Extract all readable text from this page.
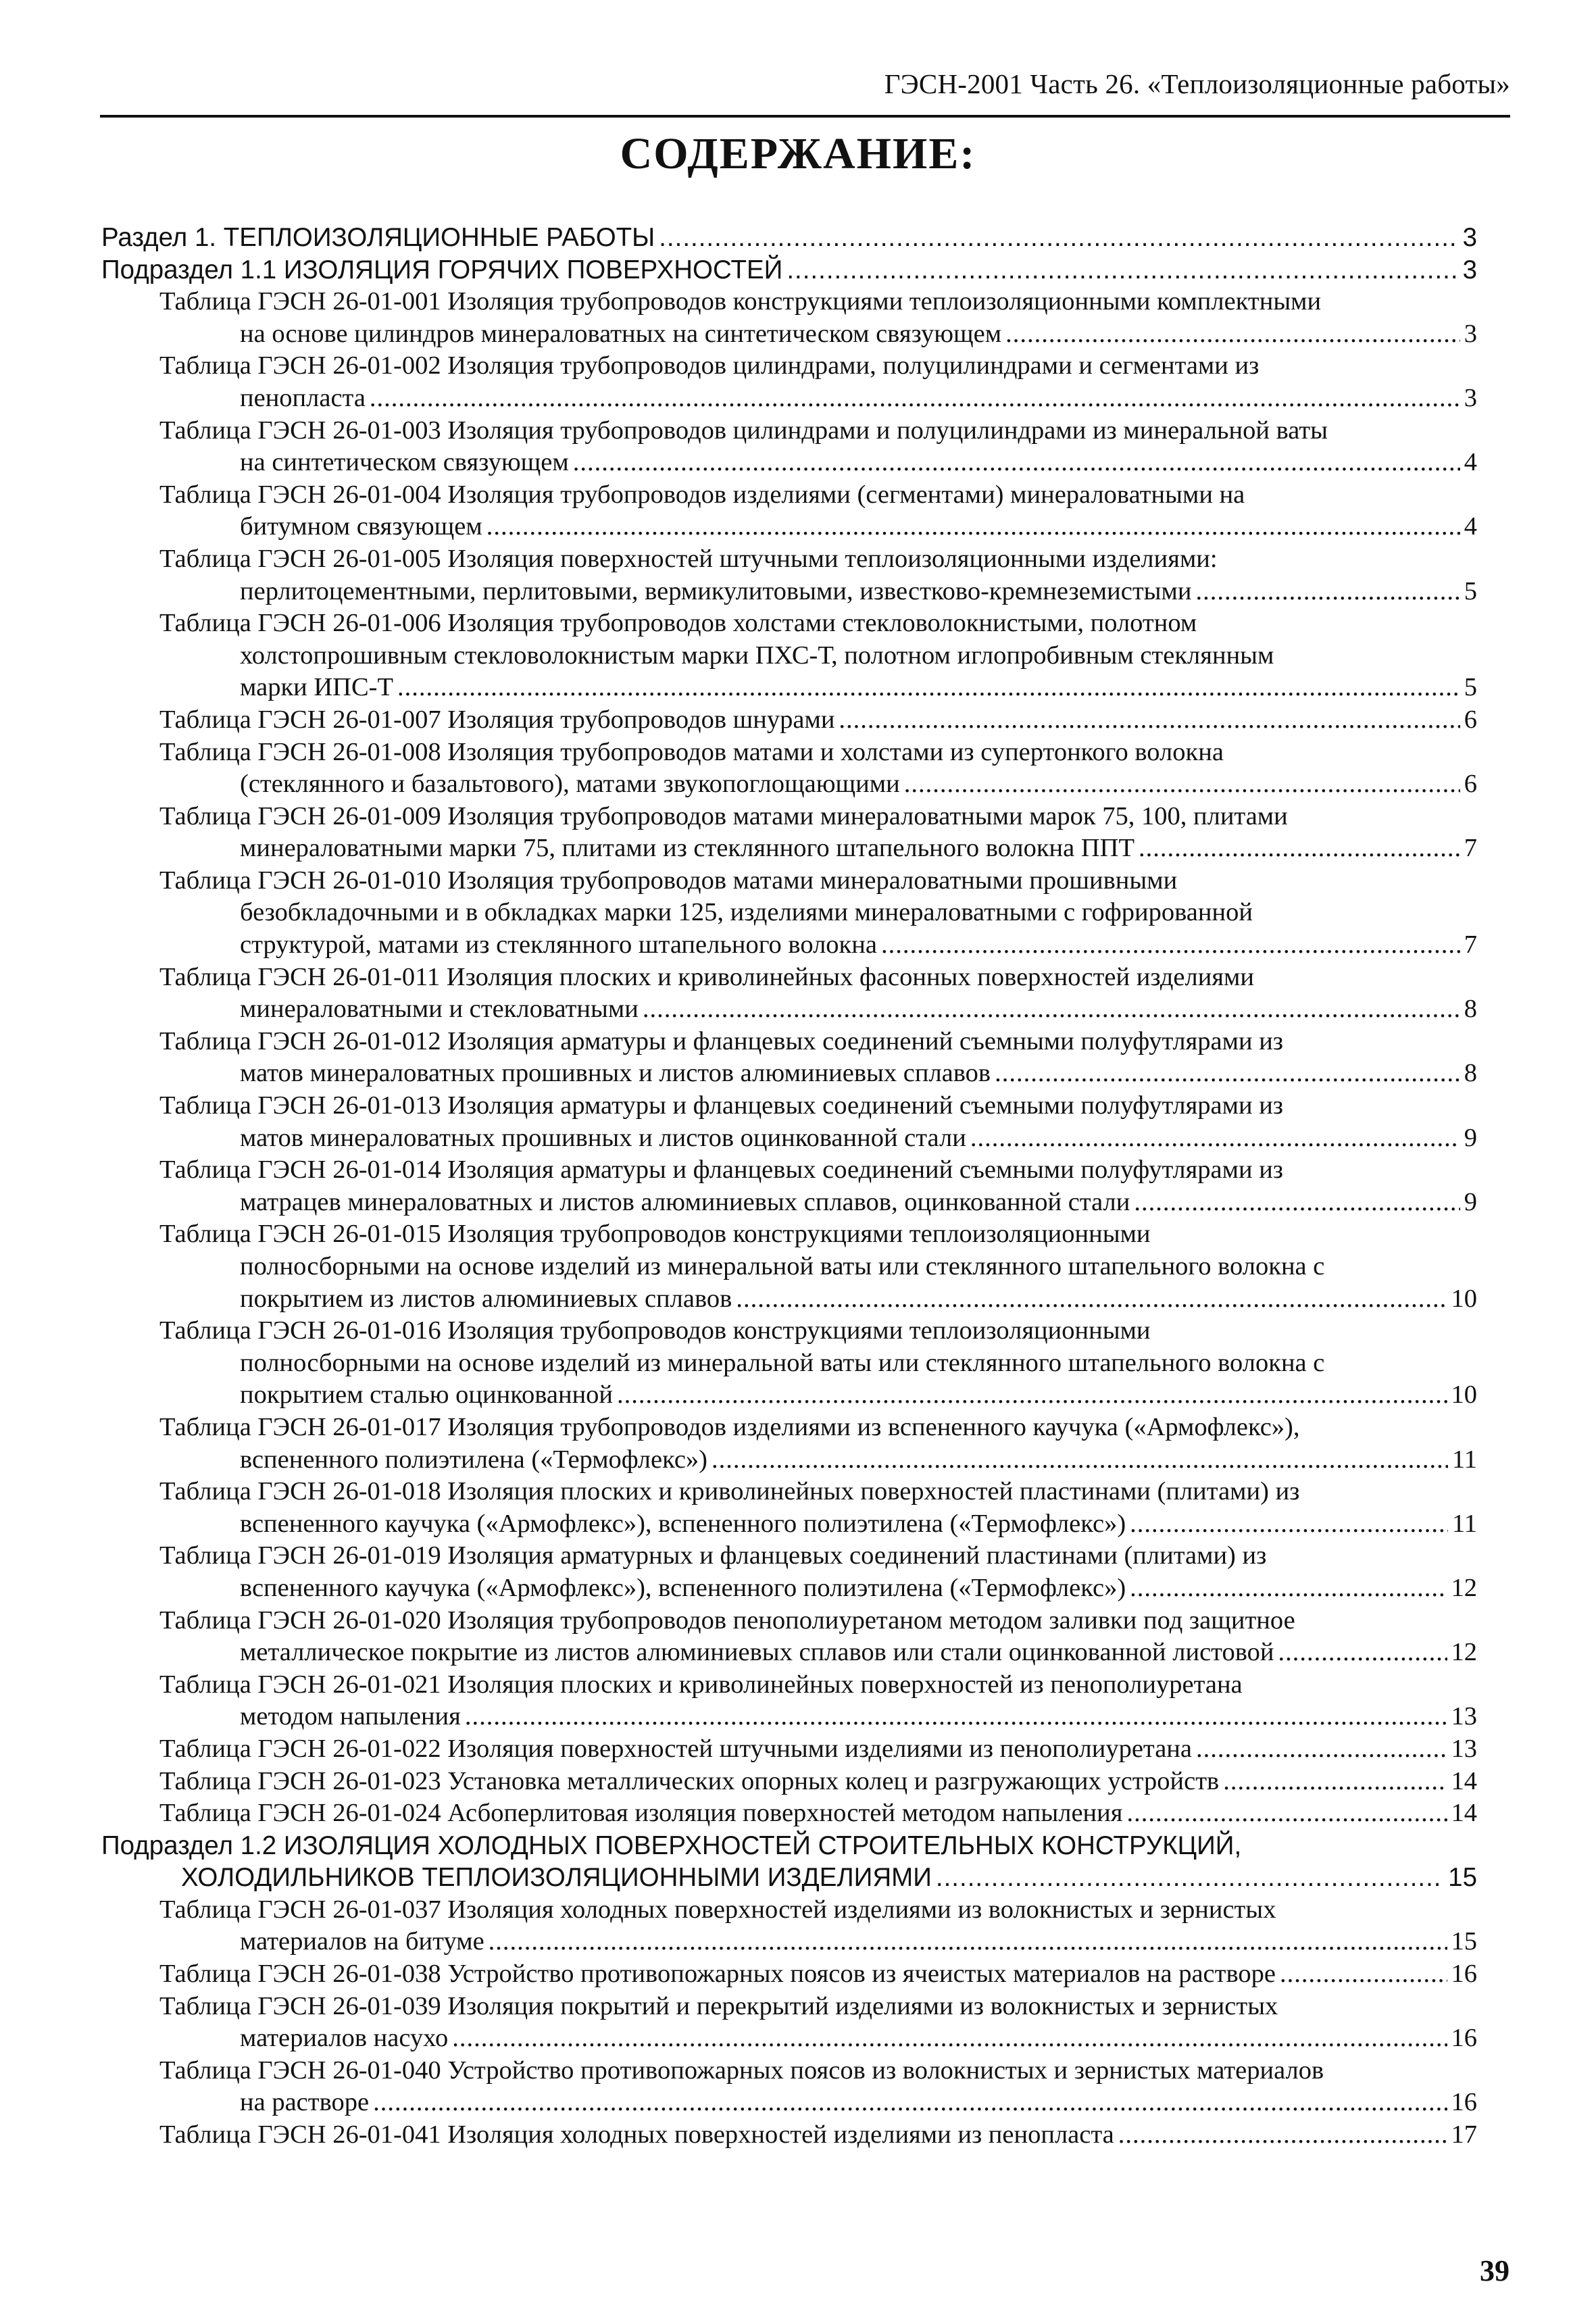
ГЭСН-2001 Часть 26. «Теплоизоляционные работы»
СОДЕРЖАНИЕ:
Раздел 1. ТЕПЛОИЗОЛЯЦИОННЫЕ РАБОТЫ .....	3
Подраздел 1.1 ИЗОЛЯЦИЯ ГОРЯЧИХ ПОВЕРХНОСТЕЙ .....	3
Таблица ГЭСН 26-01-001 Изоляция трубопроводов конструкциями теплоизоляционными комплектными
на основе цилиндров минераловатных на синтетическом связующем .....	3
Таблица ГЭСН 26-01-002 Изоляция трубопроводов цилиндрами, полуцилиндрами и сегментами из
пенопласта .....	3
Таблица ГЭСН 26-01-003 Изоляция трубопроводов цилиндрами и полуцилиндрами из минеральной ваты
на синтетическом связующем .....	4
Таблица ГЭСН 26-01-004 Изоляция трубопроводов изделиями (сегментами) минераловатными на
битумном связующем .....	4
Таблица ГЭСН 26-01-005 Изоляция поверхностей штучными теплоизоляционными изделиями:
перлитоцементными, перлитовыми, вермикулитовыми, известково-кремнеземистыми .....	5
Таблица ГЭСН 26-01-006 Изоляция трубопроводов холстами стекловолокнистыми, полотном
холстопрошивным стекловолокнистым марки ПХС-Т, полотном иглопробивным стеклянным
марки ИПС-Т .....	5
Таблица ГЭСН 26-01-007 Изоляция трубопроводов шнурами .....	6
Таблица ГЭСН 26-01-008 Изоляция трубопроводов матами и холстами из супертонкого волокна
(стеклянного и базальтового), матами звукопоглощающими .....	6
Таблица ГЭСН 26-01-009 Изоляция трубопроводов матами минераловатными марок 75, 100, плитами
минераловатными марки 75, плитами из стеклянного штапельного волокна ППТ .....	7
Таблица ГЭСН 26-01-010 Изоляция трубопроводов матами минераловатными прошивными
безобкладочными и в обкладках марки 125, изделиями минераловатными с гофрированной
структурой, матами из стеклянного штапельного волокна .....	7
Таблица ГЭСН 26-01-011 Изоляция плоских и криволинейных фасонных поверхностей изделиями
минераловатными и стекловатными .....	8
Таблица ГЭСН 26-01-012 Изоляция арматуры и фланцевых соединений съемными полуфутлярами из
матов минераловатных прошивных и листов алюминиевых сплавов .....	8
Таблица ГЭСН 26-01-013 Изоляция арматуры и фланцевых соединений съемными полуфутлярами из
матов минераловатных прошивных и листов оцинкованной стали .....	9
Таблица ГЭСН 26-01-014 Изоляция арматуры и фланцевых соединений съемными полуфутлярами из
матрацев минераловатных и листов алюминиевых сплавов, оцинкованной стали .....	9
Таблица ГЭСН 26-01-015 Изоляция трубопроводов конструкциями теплоизоляционными
полносборными на основе изделий из минеральной ваты или стеклянного штапельного волокна с
покрытием из листов алюминиевых сплавов .....	10
Таблица ГЭСН 26-01-016 Изоляция трубопроводов конструкциями теплоизоляционными
полносборными на основе изделий из минеральной ваты или стеклянного штапельного волокна с
покрытием сталью оцинкованной .....	10
Таблица ГЭСН 26-01-017 Изоляция трубопроводов изделиями из вспененного каучука («Армофлекс»),
вспененного полиэтилена («Термофлекс») .....	11
Таблица ГЭСН 26-01-018 Изоляция плоских и криволинейных поверхностей пластинами (плитами) из
вспененного каучука («Армофлекс»), вспененного полиэтилена («Термофлекс») .....	11
Таблица ГЭСН 26-01-019 Изоляция арматурных и фланцевых соединений пластинами (плитами) из
вспененного каучука («Армофлекс»), вспененного полиэтилена («Термофлекс») .....	12
Таблица ГЭСН 26-01-020 Изоляция трубопроводов пенополиуретаном методом заливки под защитное
металлическое покрытие из листов алюминиевых сплавов или стали оцинкованной листовой .....	12
Таблица ГЭСН 26-01-021 Изоляция плоских и криволинейных поверхностей из пенополиуретана
методом напыления .....	13
Таблица ГЭСН 26-01-022 Изоляция поверхностей штучными изделиями из пенополиуретана .....	13
Таблица ГЭСН 26-01-023 Установка металлических опорных колец и разгружающих устройств .....	14
Таблица ГЭСН 26-01-024 Асбоперлитовая изоляция поверхностей методом напыления .....	14
Подраздел 1.2 ИЗОЛЯЦИЯ ХОЛОДНЫХ ПОВЕРХНОСТЕЙ СТРОИТЕЛЬНЫХ КОНСТРУКЦИЙ,
ХОЛОДИЛЬНИКОВ ТЕПЛОИЗОЛЯЦИОННЫМИ ИЗДЕЛИЯМИ .....	15
Таблица ГЭСН 26-01-037 Изоляция холодных поверхностей изделиями из волокнистых и зернистых
материалов на битуме .....	15
Таблица ГЭСН 26-01-038 Устройство противопожарных поясов из ячеистых материалов на растворе .....	16
Таблица ГЭСН 26-01-039 Изоляция покрытий и перекрытий изделиями из волокнистых и зернистых
материалов насухо .....	16
Таблица ГЭСН 26-01-040 Устройство противопожарных поясов из волокнистых и зернистых материалов
на растворе .....	16
Таблица ГЭСН 26-01-041 Изоляция холодных поверхностей изделиями из пенопласта .....	17
39
